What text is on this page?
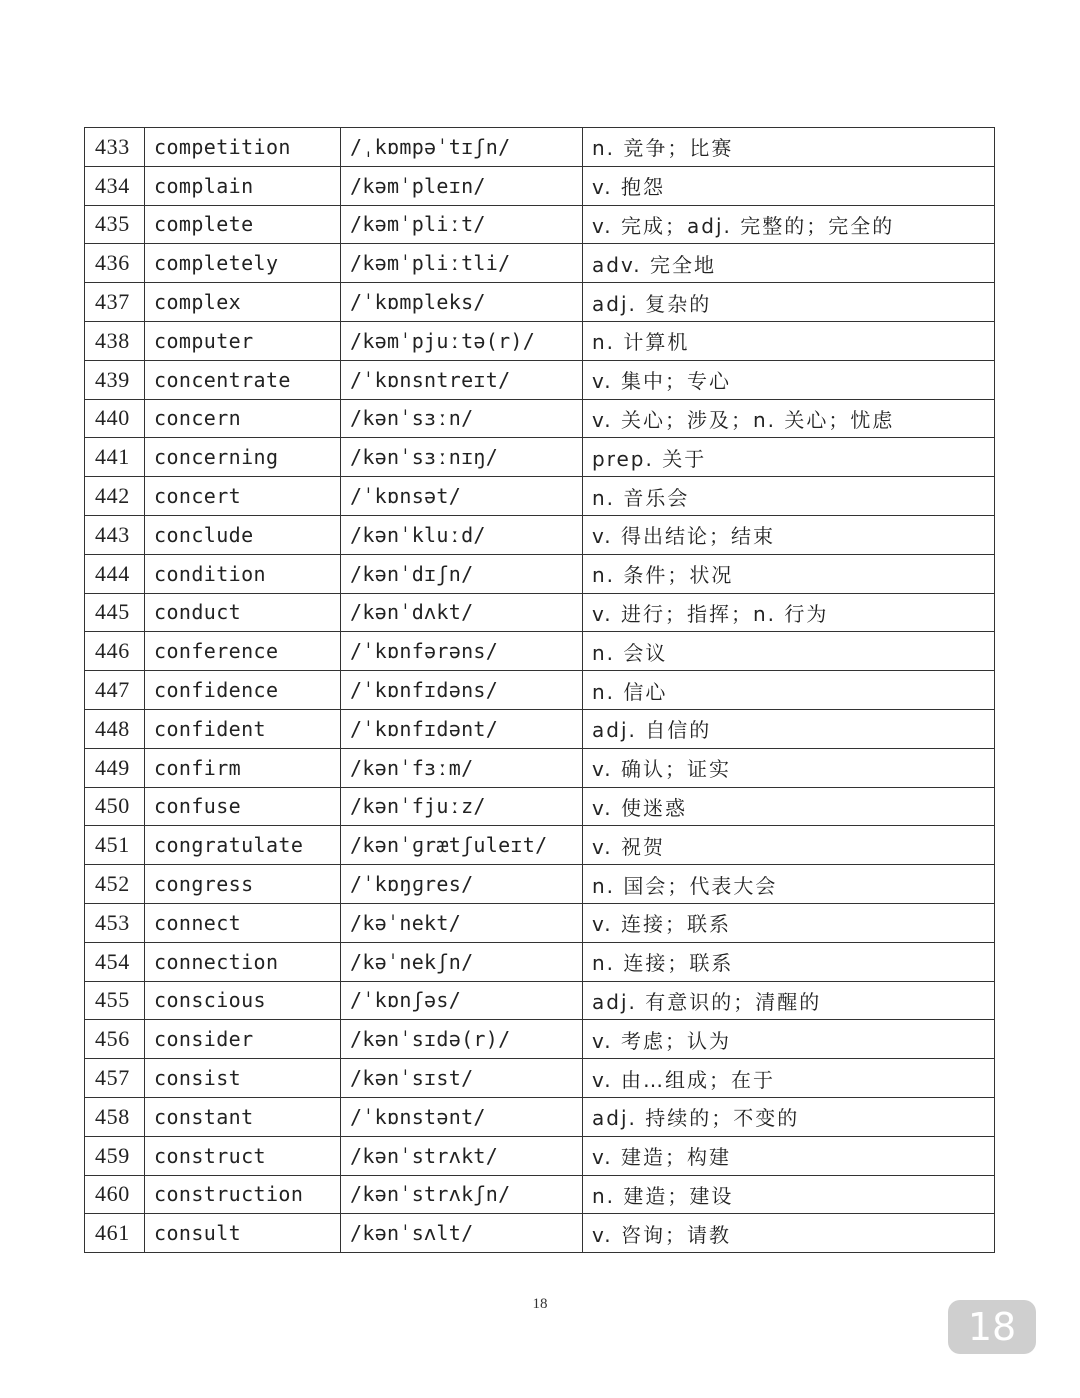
433	competition	/ˌkɒmpəˈtɪʃn/	n. 竞争；比赛
434	complain	/kəmˈpleɪn/	v. 抱怨
435	complete	/kəmˈpliːt/	v. 完成；adj. 完整的；完全的
436	completely	/kəmˈpliːtli/	adv. 完全地
437	complex	/ˈkɒmpleks/	adj. 复杂的
438	computer	/kəmˈpjuːtə(r)/	n. 计算机
439	concentrate	/ˈkɒnsntreɪt/	v. 集中；专心
440	concern	/kənˈsɜːn/	v. 关心；涉及；n. 关心；忧虑
441	concerning	/kənˈsɜːnɪŋ/	prep. 关于
442	concert	/ˈkɒnsət/	n. 音乐会
443	conclude	/kənˈkluːd/	v. 得出结论；结束
444	condition	/kənˈdɪʃn/	n. 条件；状况
445	conduct	/kənˈdʌkt/	v. 进行；指挥；n. 行为
446	conference	/ˈkɒnfərəns/	n. 会议
447	confidence	/ˈkɒnfɪdəns/	n. 信心
448	confident	/ˈkɒnfɪdənt/	adj. 自信的
449	confirm	/kənˈfɜːm/	v. 确认；证实
450	confuse	/kənˈfjuːz/	v. 使迷惑
451	congratulate	/kənˈɡrætʃuleɪt/	v. 祝贺
452	congress	/ˈkɒŋɡres/	n. 国会；代表大会
453	connect	/kəˈnekt/	v. 连接；联系
454	connection	/kəˈnekʃn/	n. 连接；联系
455	conscious	/ˈkɒnʃəs/	adj. 有意识的；清醒的
456	consider	/kənˈsɪdə(r)/	v. 考虑；认为
457	consist	/kənˈsɪst/	v. 由…组成；在于
458	constant	/ˈkɒnstənt/	adj. 持续的；不变的
459	construct	/kənˈstrʌkt/	v. 建造；构建
460	construction	/kənˈstrʌkʃn/	n. 建造；建设
461	consult	/kənˈsʌlt/	v. 咨询；请教
18
18
